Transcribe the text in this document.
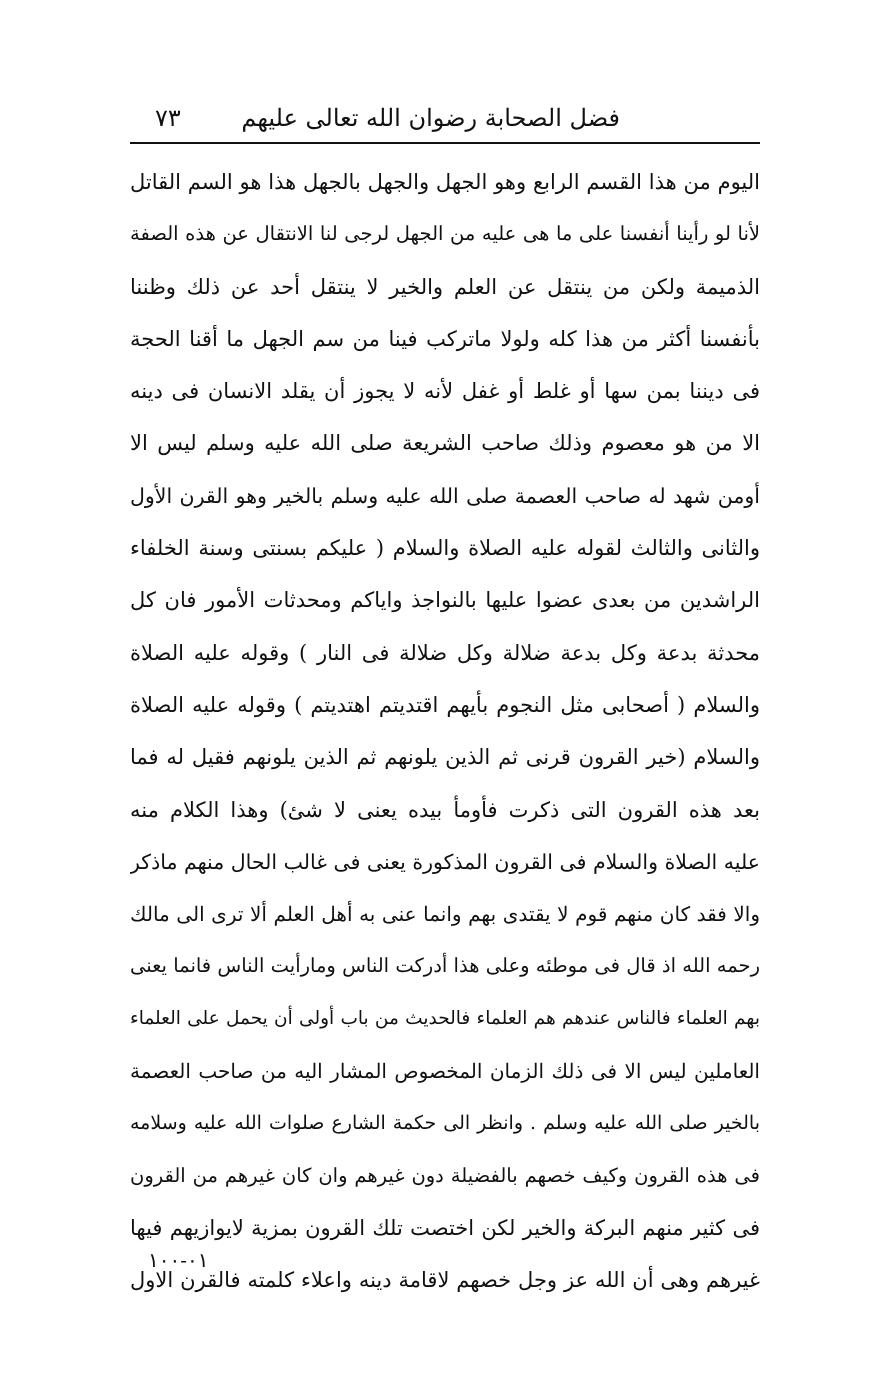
فضل الصحابة رضوان الله تعالى عليهم
٧٣
اليوم من هذا القسم الرابع وهو الجهل والجهل بالجهل هذا هو السم القاتل
لأنا لو رأينا أنفسنا على ما هى عليه من الجهل لرجى لنا الانتقال عن هذه الصفة
الذميمة ولكن من ينتقل عن العلم والخير لا ينتقل أحد عن ذلك وظننا
بأنفسنا أكثر من هذا كله ولولا ماتركب فينا من سم الجهل ما أقنا الحجة
فى ديننا بمن سها أو غلط أو غفل لأنه لا يجوز أن يقلد الانسان فى دينه
الا من هو معصوم وذلك صاحب الشريعة صلى الله عليه وسلم ليس الا
أومن شهد له صاحب العصمة صلى الله عليه وسلم بالخير وهو القرن الأول
والثانى والثالث لقوله عليه الصلاة والسلام ( عليكم بسنتى وسنة الخلفاء
الراشدين من بعدى عضوا عليها بالنواجذ واياكم ومحدثات الأمور فان كل
محدثة بدعة وكل بدعة ضلالة وكل ضلالة فى النار ) وقوله عليه الصلاة
والسلام ( أصحابى مثل النجوم بأيهم اقتديتم اهتديتم ) وقوله عليه الصلاة
والسلام (خير القرون قرنى ثم الذين يلونهم ثم الذين يلونهم فقيل له فما
بعد هذه القرون التى ذكرت فأومأ بيده يعنى لا شئ) وهذا الكلام منه
عليه الصلاة والسلام فى القرون المذكورة يعنى فى غالب الحال منهم ماذكر
والا فقد كان منهم قوم لا يقتدى بهم وانما عنى به أهل العلم ألا ترى الى مالك
رحمه الله اذ قال فى موطئه وعلى هذا أدركت الناس ومارأيت الناس فانما يعنى
بهم العلماء فالناس عندهم هم العلماء فالحديث من باب أولى أن يحمل على العلماء
العاملين ليس الا فى ذلك الزمان المخصوص المشار اليه من صاحب العصمة
بالخير صلى الله عليه وسلم . وانظر الى حكمة الشارع صلوات الله عليه وسلامه
فى هذه القرون وكيف خصهم بالفضيلة دون غيرهم وان كان غيرهم من القرون
فى كثير منهم البركة والخير لكن اختصت تلك القرون بمزية لايوازيهم فيها
غيرهم وهى أن الله عز وجل خصهم لاقامة دينه واعلاء كلمته فالقرن الاول
٠١-١٠٠
